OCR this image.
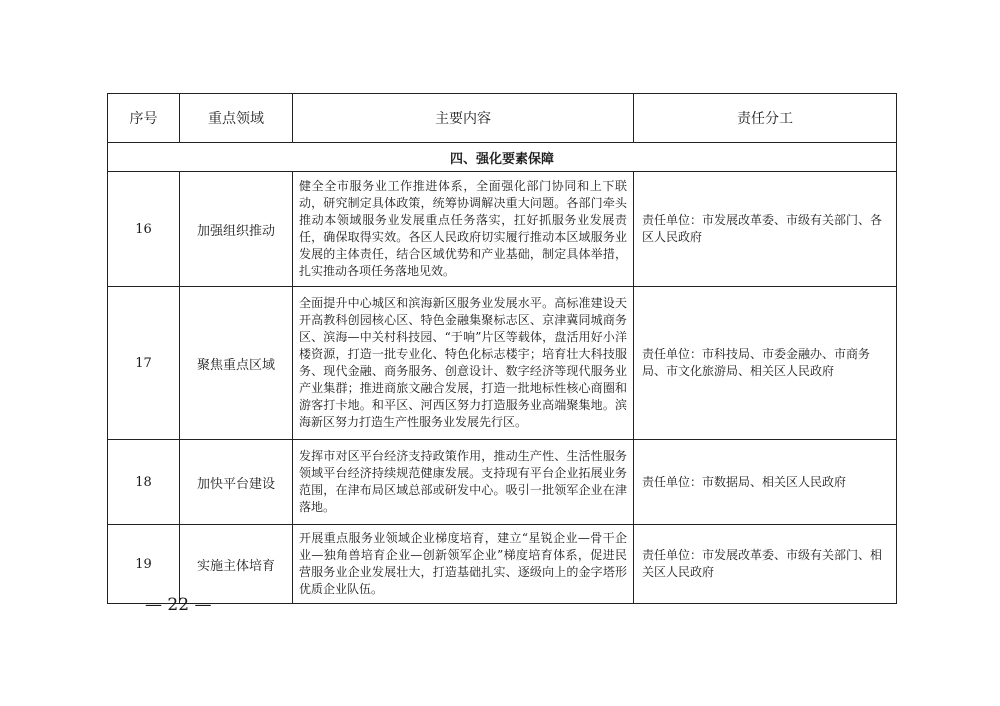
序号	重点领域	主要内容	责任分工
四、强化要素保障			
16	加强组织推动	健全全市服务业工作推进体系，全面强化部门协同和上下联动，研究制定具体政策，统筹协调解决重大问题。各部门牵头推动本领域服务业发展重点任务落实，扛好抓服务业发展责任，确保取得实效。各区人民政府切实履行推动本区域服务业发展的主体责任，结合区域优势和产业基础，制定具体举措，扎实推动各项任务落地见效。	责任单位：市发展改革委、市级有关部门、各区人民政府
17	聚焦重点区域	全面提升中心城区和滨海新区服务业发展水平。高标准建设天开高教科创园核心区、特色金融集聚标志区、京津冀同城商务区、滨海—中关村科技园、“于响”片区等载体，盘活用好小洋楼资源，打造一批专业化、特色化标志楼宇；培育壮大科技服务、现代金融、商务服务、创意设计、数字经济等现代服务业产业集群；推进商旅文融合发展，打造一批地标性核心商圈和游客打卡地。和平区、河西区努力打造服务业高端聚集地。滨海新区努力打造生产性服务业发展先行区。	责任单位：市科技局、市委金融办、市商务局、市文化旅游局、相关区人民政府
18	加快平台建设	发挥市对区平台经济支持政策作用，推动生产性、生活性服务领域平台经济持续规范健康发展。支持现有平台企业拓展业务范围，在津布局区域总部或研发中心。吸引一批领军企业在津落地。	责任单位：市数据局、相关区人民政府
19	实施主体培育	开展重点服务业领域企业梯度培育，建立“星锐企业—骨干企业—独角兽培育企业—创新领军企业”梯度培育体系，促进民营服务业企业发展壮大，打造基础扎实、逐级向上的金字塔形优质企业队伍。	责任单位：市发展改革委、市级有关部门、相关区人民政府
— 22 —
